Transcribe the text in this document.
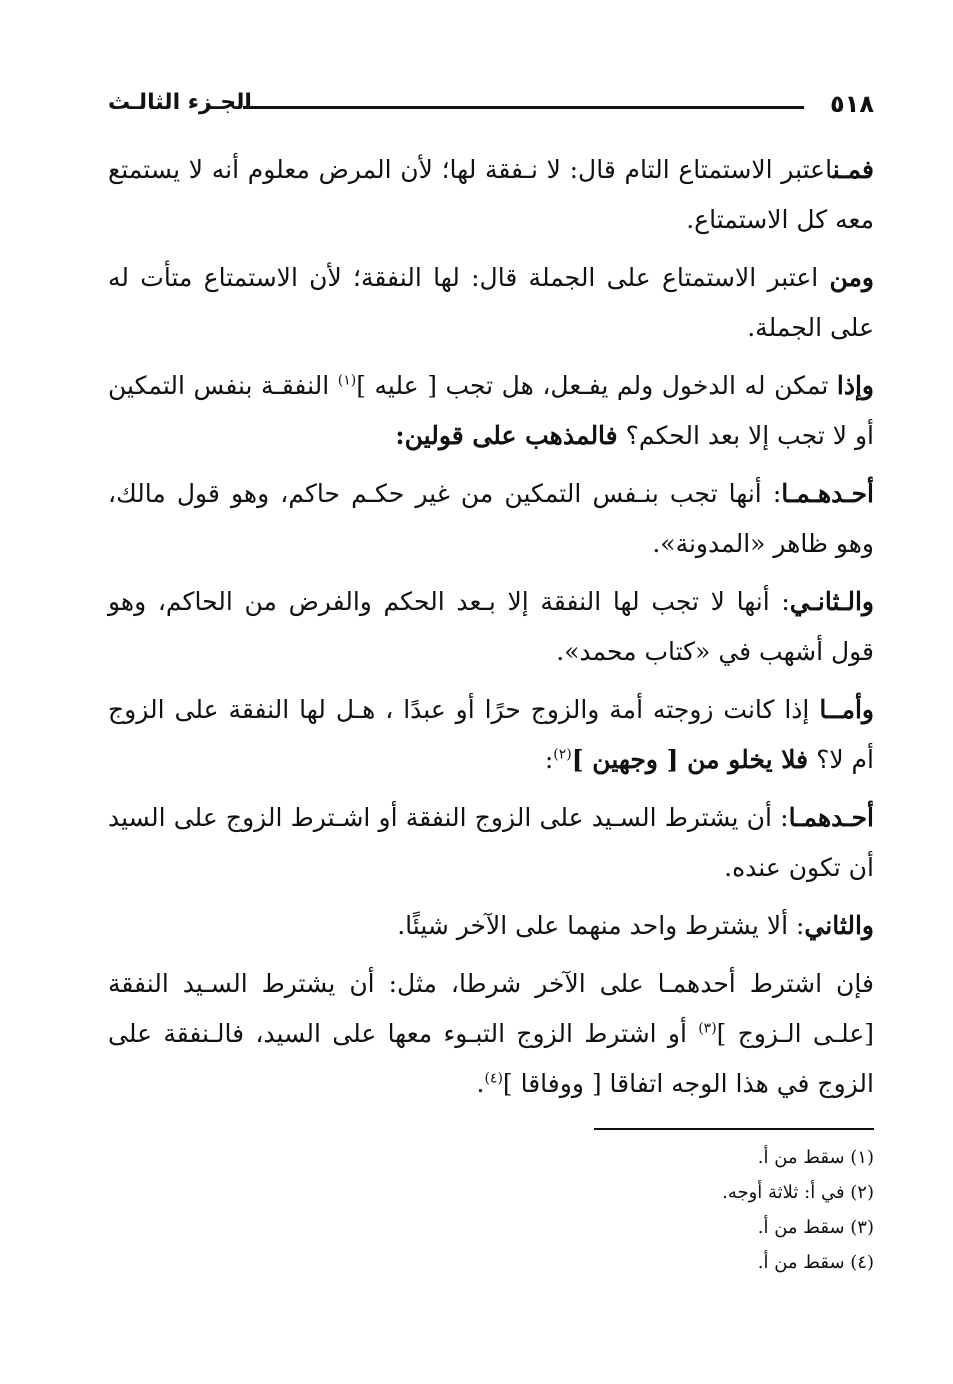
٥١٨
الجـزء الثالـث

فمـناعتبر الاستمتاع التام قال: لا نـفقة لها؛ لأن المرض معلوم أنه لا يستمتع معه كل الاستمتاع.

ومن اعتبر الاستمتاع على الجملة قال: لها النفقة؛ لأن الاستمتاع متأت له على الجملة.

وإذا تمكن له الدخول ولم يفـعل، هل تجب [ عليه ]$^{(١)}$ النفقـة بنفس التمكين أو لا تجب إلا بعد الحكم؟ فالمذهب على قولين:

أحـدهـمـا: أنها تجب بنـفس التمكين من غير حكـم حاكم، وهو قول مالك، وهو ظاهر «المدونة».

والـثانـي: أنها لا تجب لها النفقة إلا بـعد الحكم والفرض من الحاكم، وهو قول أشهب في «كتاب محمد».

وأمــا إذا كانت زوجته أمة والزوج حرًا أو عبدًا ، هـل لها النفقة على الزوج أم لا؟ فلا يخلو من [ وجهين ]$^{(٢)}$:

أحـدهمـا: أن يشترط السـيد على الزوج النفقة أو اشـترط الزوج على السيد أن تكون عنده.

والثاني: ألا يشترط واحد منهما على الآخر شيئًا.

فإن اشترط أحدهمـا على الآخر شرطا، مثل: أن يشترط السـيد النفقة [علـى الـزوج ]$^{(٣)}$ أو اشترط الزوج التبـوء معها على السيد، فالـنفقة على الزوج في هذا الوجه اتفاقا [ ووفاقا ]$^{(٤)}$.

(١) سقط من أ.
(٢) في أ: ثلاثة أوجه.
(٣) سقط من أ.
(٤) سقط من أ.
